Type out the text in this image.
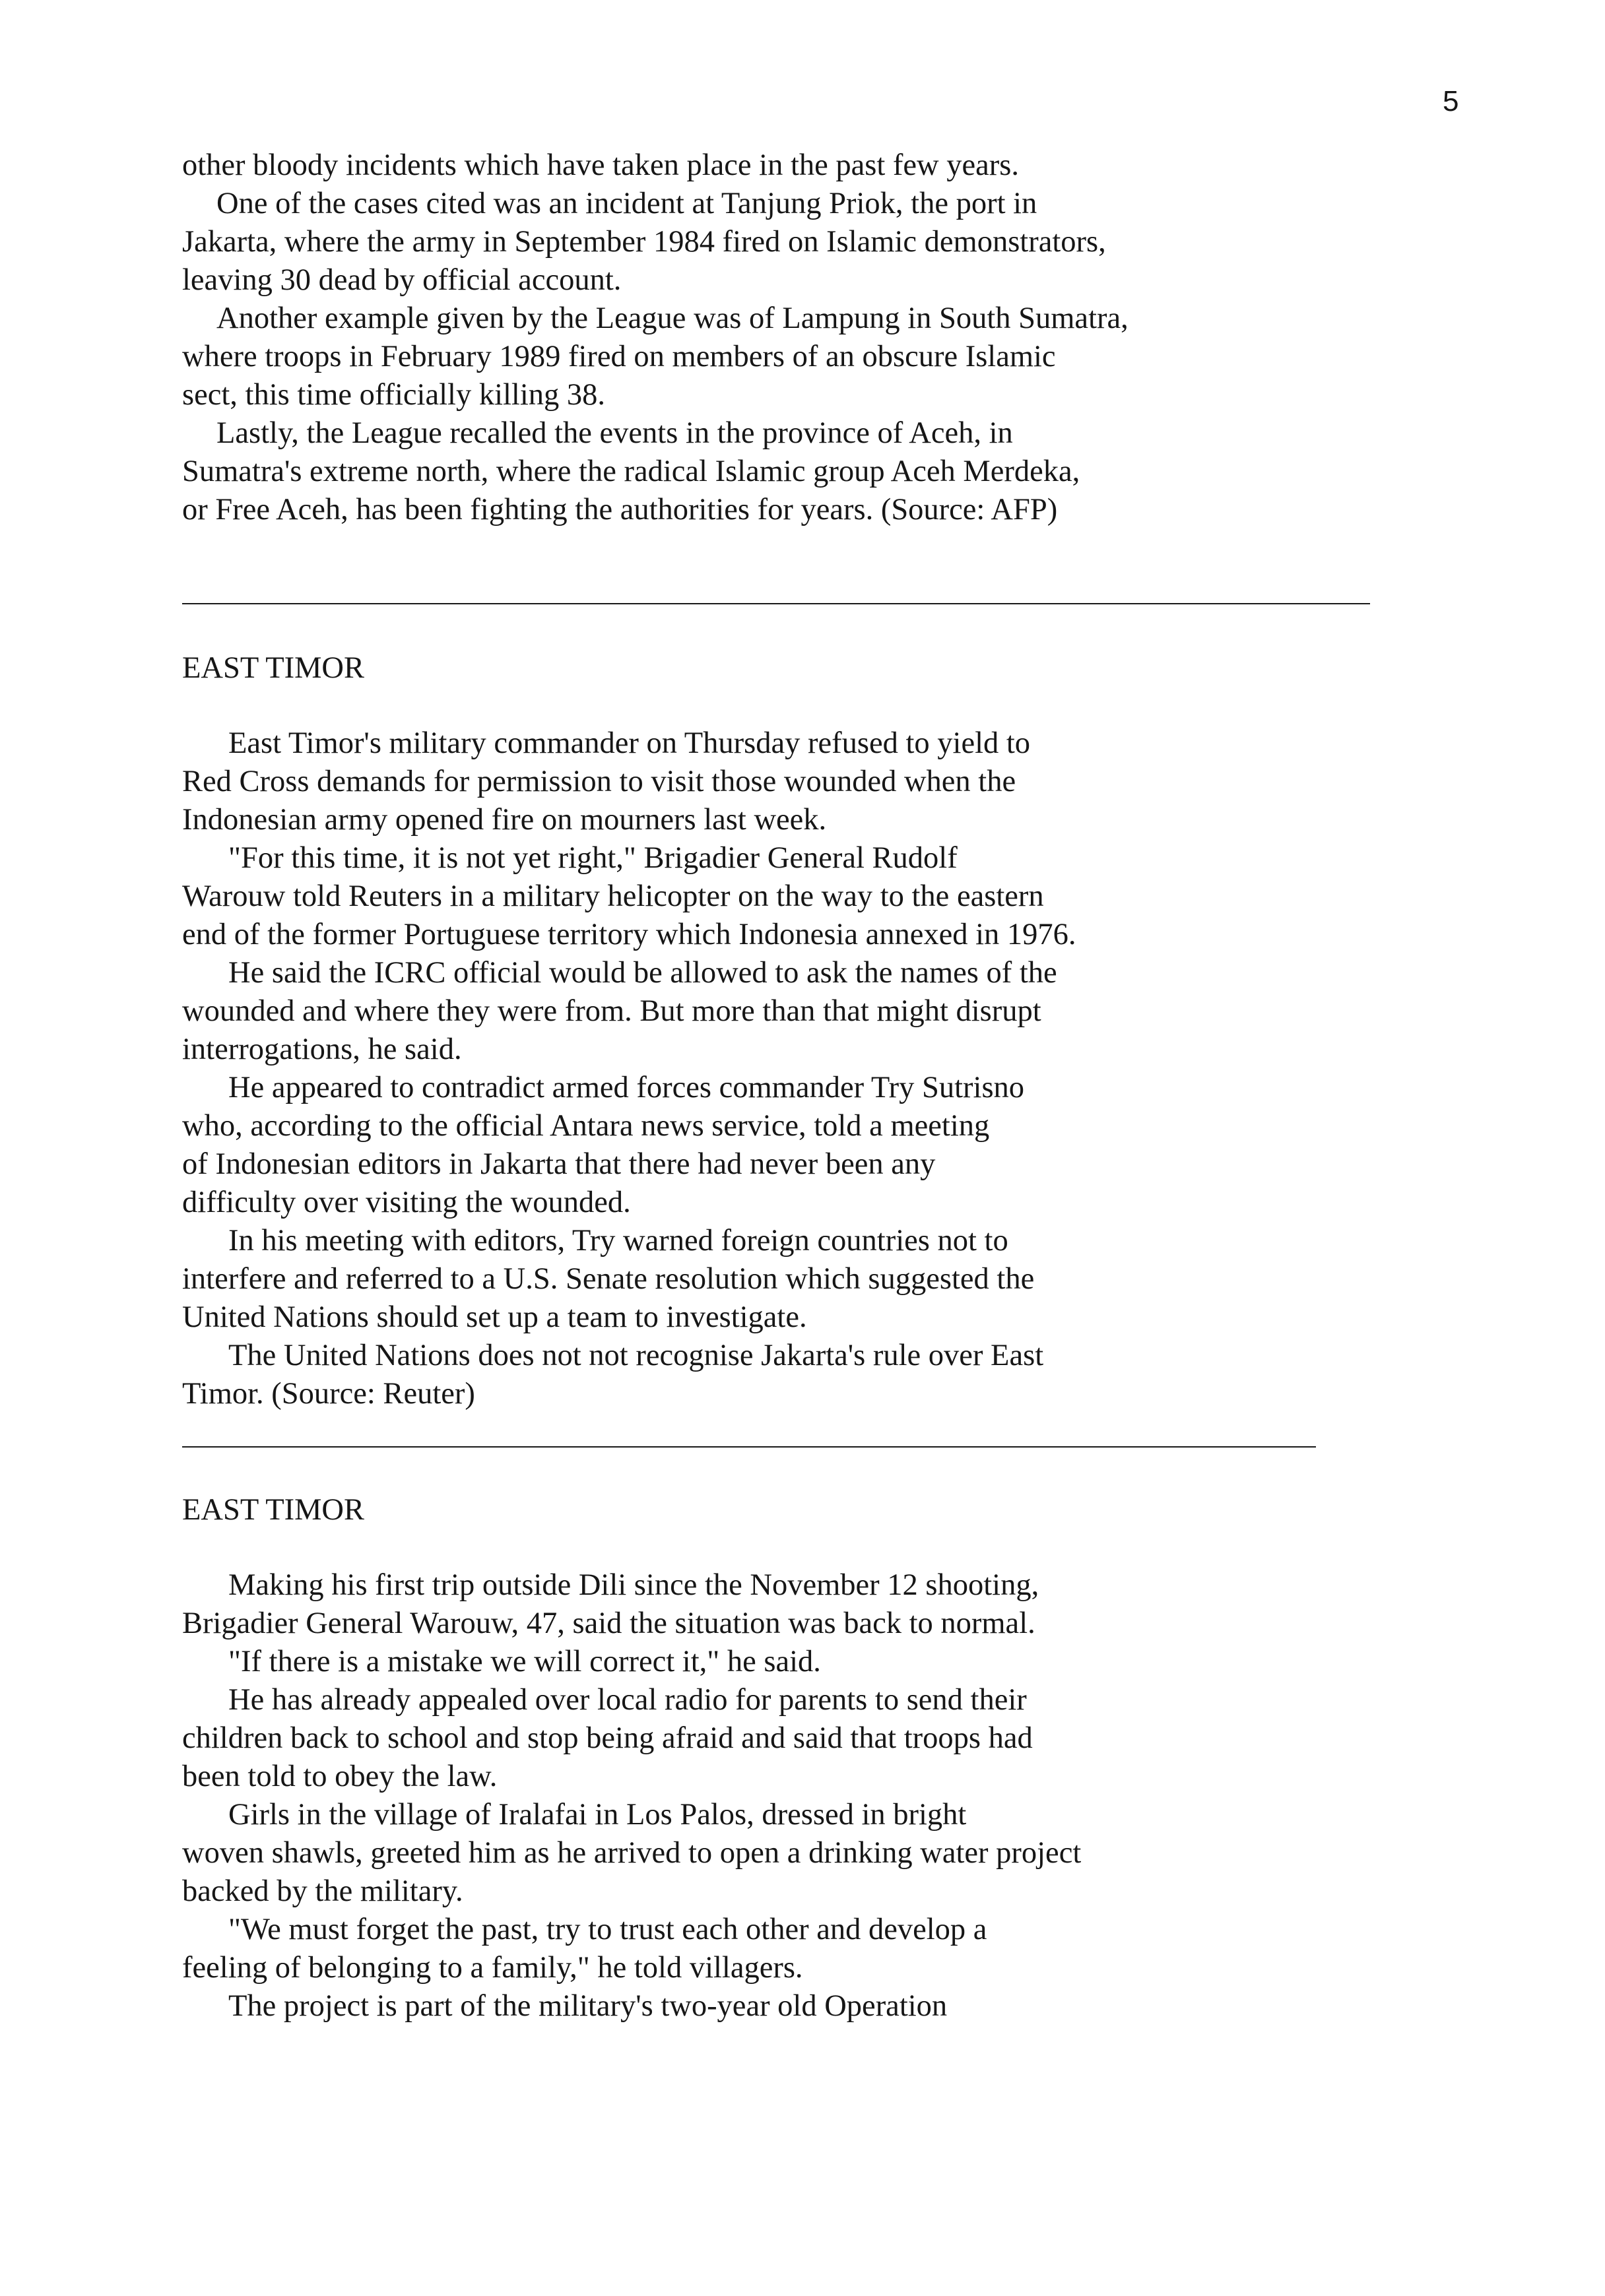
5
other bloody incidents which have taken place in the past few years.
One of the cases cited was an incident at Tanjung Priok, the port in
Jakarta, where the army in September 1984 fired on Islamic demonstrators,
leaving 30 dead by official account.
Another example given by the League was of Lampung in South Sumatra,
where troops in February 1989 fired on members of an obscure Islamic
sect, this time officially killing 38.
Lastly, the League recalled the events in the province of Aceh, in
Sumatra's extreme north, where the radical Islamic group Aceh Merdeka,
or Free Aceh, has been fighting the authorities for years. (Source: AFP)
EAST TIMOR
East Timor's military commander on Thursday refused to yield to
Red Cross demands for permission to visit those wounded when the
Indonesian army opened fire on mourners last week.
"For this time, it is not yet right," Brigadier General Rudolf
Warouw told Reuters in a military helicopter on the way to the eastern
end of the former Portuguese territory which Indonesia annexed in 1976.
He said the ICRC official would be allowed to ask the names of the
wounded and where they were from. But more than that might disrupt
interrogations, he said.
He appeared to contradict armed forces commander Try Sutrisno
who, according to the official Antara news service, told a meeting
of Indonesian editors in Jakarta that there had never been any
difficulty over visiting the wounded.
In his meeting with editors, Try warned foreign countries not to
interfere and referred to a U.S. Senate resolution which suggested the
United Nations should set up a team to investigate.
The United Nations does not not recognise Jakarta's rule over East
Timor. (Source: Reuter)
EAST TIMOR
Making his first trip outside Dili since the November 12 shooting,
Brigadier General Warouw, 47, said the situation was back to normal.
"If there is a mistake we will correct it," he said.
He has already appealed over local radio for parents to send their
children back to school and stop being afraid and said that troops had
been told to obey the law.
Girls in the village of Iralafai in Los Palos, dressed in bright
woven shawls, greeted him as he arrived to open a drinking water project
backed by the military.
"We must forget the past, try to trust each other and develop a
feeling of belonging to a family," he told villagers.
The project is part of the military's two-year old Operation
